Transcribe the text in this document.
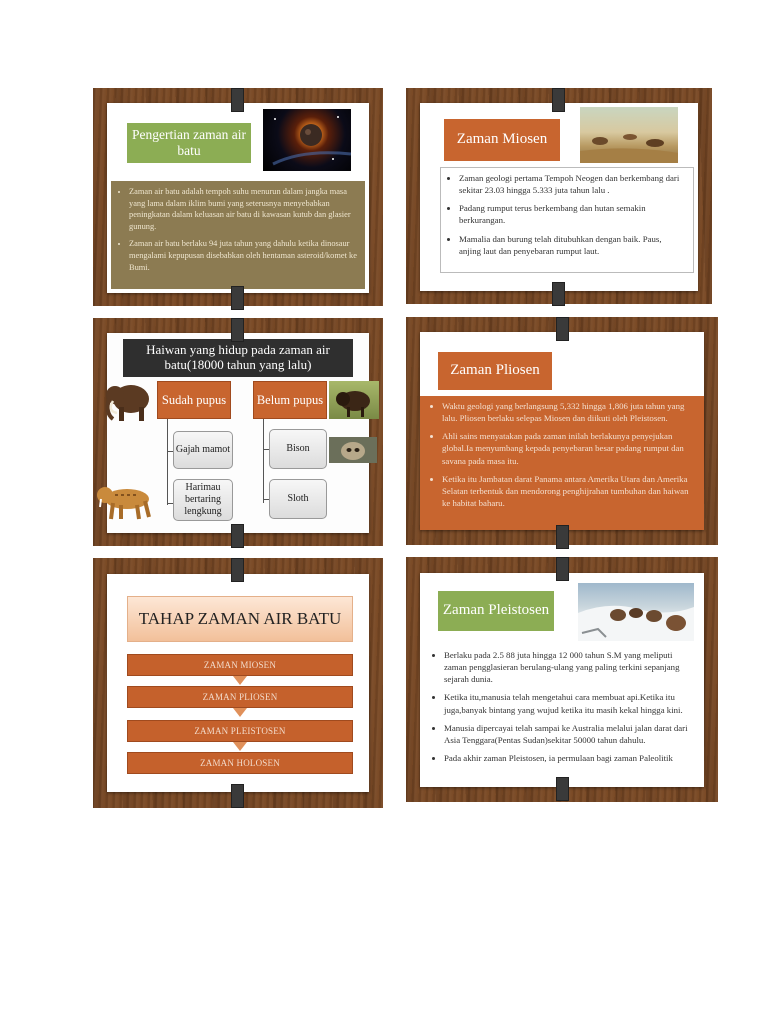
Pengertian zaman air batu
• Zaman air batu adalah tempoh suhu menurun dalam jangka masa yang lama dalam iklim bumi yang seterusnya menyebabkan peningkatan dalam keluasan air batu di kawasan kutub dan glasier gunung.
• Zaman air batu berlaku 94 juta tahun yang dahulu ketika dinosaur mengalami kepupusan disebabkan oleh hentaman asteroid/komet ke Bumi.
Zaman Miosen
• Zaman geologi pertama Tempoh Neogen dan berkembang dari sekitar 23.03 hingga 5.333 juta tahun lalu .
• Padang rumput terus berkembang dan hutan semakin berkurangan.
• Mamalia dan burung telah ditubuhkan dengan baik. Paus, anjing laut dan penyebaran rumput laut.
Haiwan yang hidup pada zaman air batu(18000 tahun yang lalu)
Sudah pupus	Belum pupus
Gajah mamot
Harimau bertaring lengkung
Bison
Sloth
Zaman Pliosen
• Waktu geologi yang berlangsung 5,332 hingga 1,806 juta tahun yang lalu. Pliosen berlaku selepas Miosen dan diikuti oleh Pleistosen.
• Ahli sains menyatakan pada zaman inilah berlakunya penyejukan global.Ia menyumbang kepada penyebaran besar padang rumput dan savana pada masa itu.
• Ketika itu Jambatan darat Panama antara Amerika Utara dan Amerika Selatan terbentuk dan mendorong penghijrahan tumbuhan dan haiwan ke habitat baharu.
TAHAP ZAMAN AIR BATU
ZAMAN MIOSEN
ZAMAN PLIOSEN
ZAMAN PLEISTOSEN
ZAMAN HOLOSEN
Zaman Pleistosen
• Berlaku pada 2.5 88 juta hingga 12 000 tahun S.M yang meliputi zaman pengglasieran berulang-ulang yang paling terkini sepanjang sejarah dunia.
• Ketika itu,manusia telah mengetahui cara membuat api.Ketika itu juga,banyak bintang yang wujud ketika itu masih kekal hingga kini.
• Manusia dipercayai telah sampai ke Australia melalui jalan darat dari Asia Tenggara(Pentas Sudan)sekitar 50000 tahun dahulu.
• Pada akhir zaman Pleistosen, ia permulaan bagi zaman Paleolitik
